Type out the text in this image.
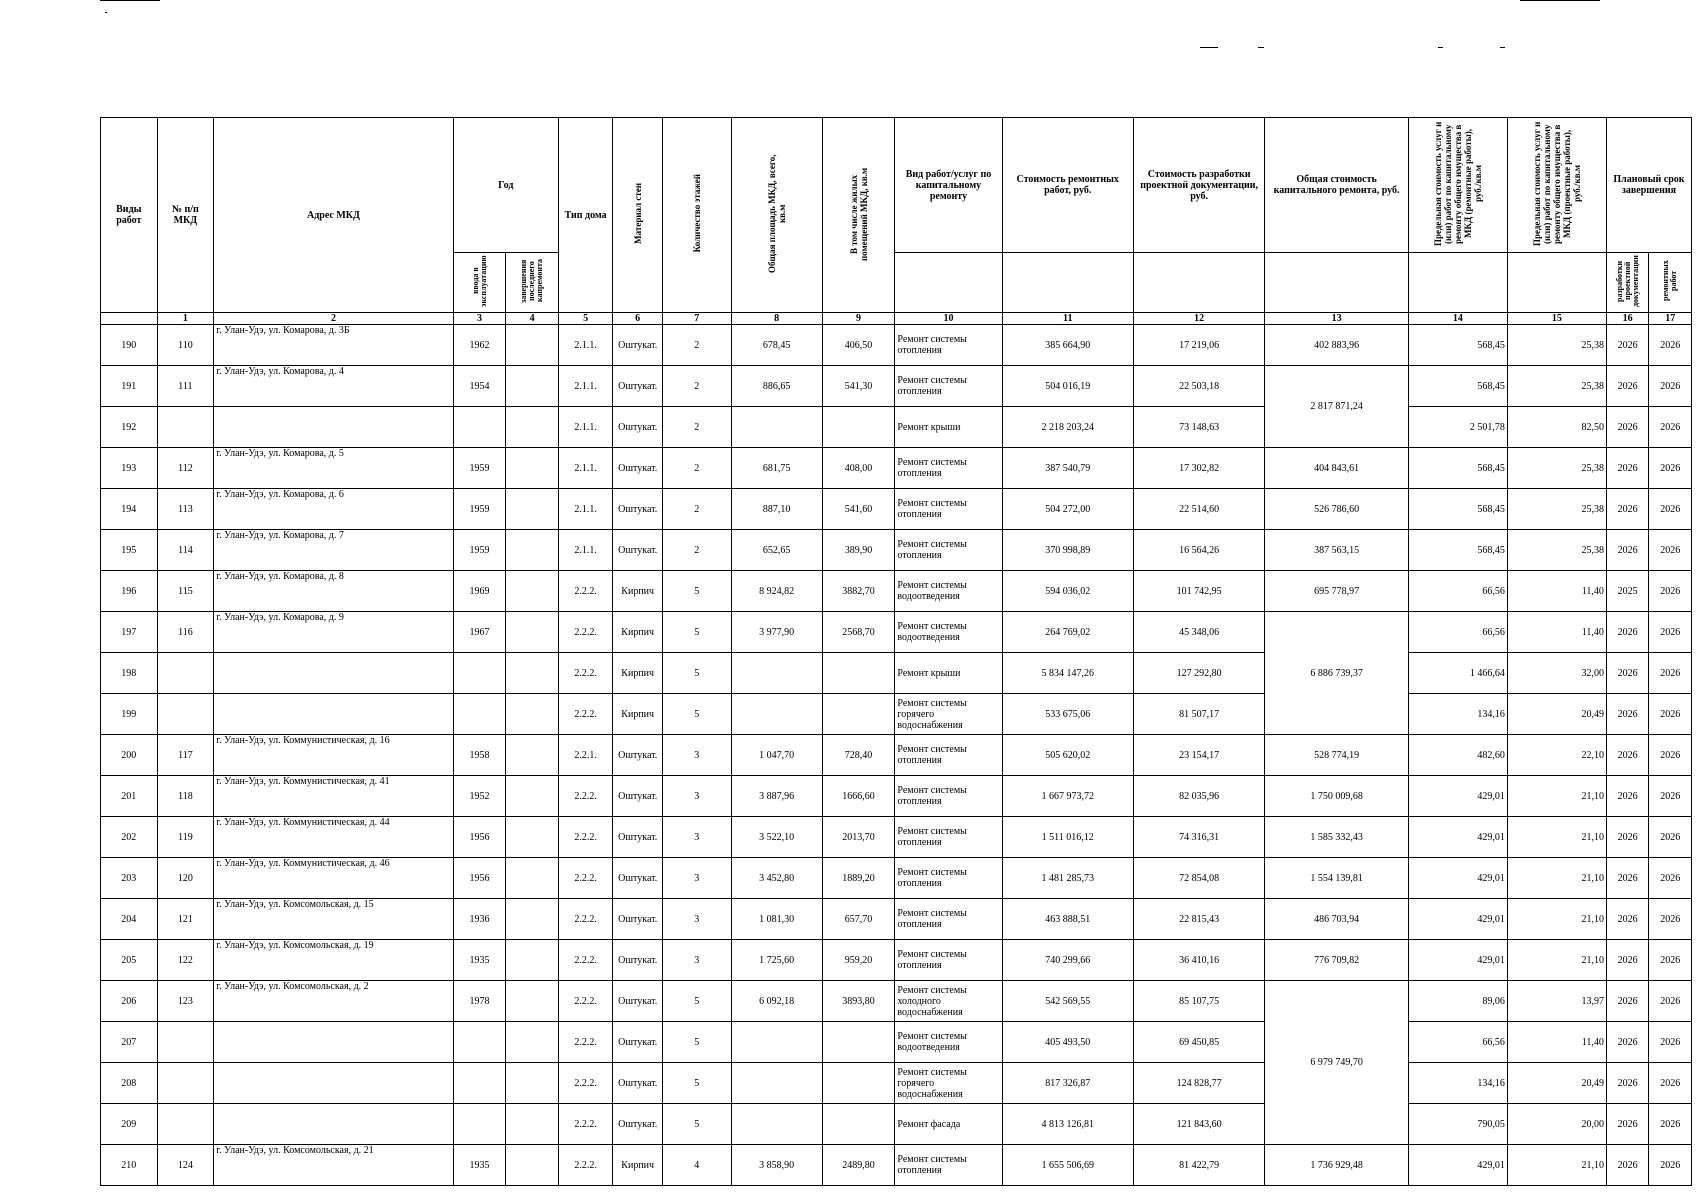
Виды работ	№ п/п МКД	Адрес МКД	Год		Тип дома	Материал стен	Количество этажей	Общая площадь МКД, всего, кв.м	В том числе жилых помещений МКД, кв.м	Вид работ/услуг по капитальному ремонту	Стоимость ремонтных работ, руб.	Стоимость разработки проектной документации, руб.	Общая стоимость капитального ремонта, руб.	Предельная стоимость услуг и (или) работ по капитальному ремонту общего имущества в МКД (ремонтные работы), руб./кв.м	Предельная стоимость услуг и (или) работ по капитальному ремонту общего имущества в МКД (проектные работы), руб./кв.м	Плановый срок завершения	
			ввода в эксплуатацию	завершения последнего капремонта												разработки проектной документации	ремонтных работ
	1	2	3	4	5	6	7	8	9	10	11	12	13	14	15	16	17
190	110	г. Улан-Удэ, ул. Комарова, д. 3Б	1962		2.1.1.	Оштукат.	2	678,45	406,50	Ремонт системы отопления	385 664,90	17 219,06	402 883,96	568,45	25,38	2026	2026
191	111	г. Улан-Удэ, ул. Комарова, д. 4	1954		2.1.1.	Оштукат.	2	886,65	541,30	Ремонт системы отопления	504 016,19	22 503,18	2 817 871,24	568,45	25,38	2026	2026
192					2.1.1.	Оштукат.	2			Ремонт крыши	2 218 203,24	73 148,63		2 501,78	82,50	2026	2026
193	112	г. Улан-Удэ, ул. Комарова, д. 5	1959		2.1.1.	Оштукат.	2	681,75	408,00	Ремонт системы отопления	387 540,79	17 302,82	404 843,61	568,45	25,38	2026	2026
194	113	г. Улан-Удэ, ул. Комарова, д. 6	1959		2.1.1.	Оштукат.	2	887,10	541,60	Ремонт системы отопления	504 272,00	22 514,60	526 786,60	568,45	25,38	2026	2026
195	114	г. Улан-Удэ, ул. Комарова, д. 7	1959		2.1.1.	Оштукат.	2	652,65	389,90	Ремонт системы отопления	370 998,89	16 564,26	387 563,15	568,45	25,38	2026	2026
196	115	г. Улан-Удэ, ул. Комарова, д. 8	1969		2.2.2.	Кирпич	5	8 924,82	3882,70	Ремонт системы водоотведения	594 036,02	101 742,95	695 778,97	66,56	11,40	2025	2026
197	116	г. Улан-Удэ, ул. Комарова, д. 9	1967		2.2.2.	Кирпич	5	3 977,90	2568,70	Ремонт системы водоотведения	264 769,02	45 348,06	6 886 739,37	66,56	11,40	2026	2026
198					2.2.2.	Кирпич	5			Ремонт крыши	5 834 147,26	127 292,80		1 466,64	32,00	2026	2026
199					2.2.2.	Кирпич	5			Ремонт системы горячего водоснабжения	533 675,06	81 507,17		134,16	20,49	2026	2026
200	117	г. Улан-Удэ, ул. Коммунистическая, д. 16	1958		2.2.1.	Оштукат.	3	1 047,70	728,40	Ремонт системы отопления	505 620,02	23 154,17	528 774,19	482,60	22,10	2026	2026
201	118	г. Улан-Удэ, ул. Коммунистическая, д. 41	1952		2.2.2.	Оштукат.	3	3 887,96	1666,60	Ремонт системы отопления	1 667 973,72	82 035,96	1 750 009,68	429,01	21,10	2026	2026
202	119	г. Улан-Удэ, ул. Коммунистическая, д. 44	1956		2.2.2.	Оштукат.	3	3 522,10	2013,70	Ремонт системы отопления	1 511 016,12	74 316,31	1 585 332,43	429,01	21,10	2026	2026
203	120	г. Улан-Удэ, ул. Коммунистическая, д. 46	1956		2.2.2.	Оштукат.	3	3 452,80	1889,20	Ремонт системы отопления	1 481 285,73	72 854,08	1 554 139,81	429,01	21,10	2026	2026
204	121	г. Улан-Удэ, ул. Комсомольская, д. 15	1936		2.2.2.	Оштукат.	3	1 081,30	657,70	Ремонт системы отопления	463 888,51	22 815,43	486 703,94	429,01	21,10	2026	2026
205	122	г. Улан-Удэ, ул. Комсомольская, д. 19	1935		2.2.2.	Оштукат.	3	1 725,60	959,20	Ремонт системы отопления	740 299,66	36 410,16	776 709,82	429,01	21,10	2026	2026
206	123	г. Улан-Удэ, ул. Комсомольская, д. 2	1978		2.2.2.	Оштукат.	5	6 092,18	3893,80	Ремонт системы холодного водоснабжения	542 569,55	85 107,75	6 979 749,70	89,06	13,97	2026	2026
207					2.2.2.	Оштукат.	5			Ремонт системы водоотведения	405 493,50	69 450,85		66,56	11,40	2026	2026
208					2.2.2.	Оштукат.	5			Ремонт системы горячего водоснабжения	817 326,87	124 828,77		134,16	20,49	2026	2026
209					2.2.2.	Оштукат.	5			Ремонт фасада	4 813 126,81	121 843,60		790,05	20,00	2026	2026
210	124	г. Улан-Удэ, ул. Комсомольская, д. 21	1935		2.2.2.	Кирпич	4	3 858,90	2489,80	Ремонт системы отопления	1 655 506,69	81 422,79	1 736 929,48	429,01	21,10	2026	2026
